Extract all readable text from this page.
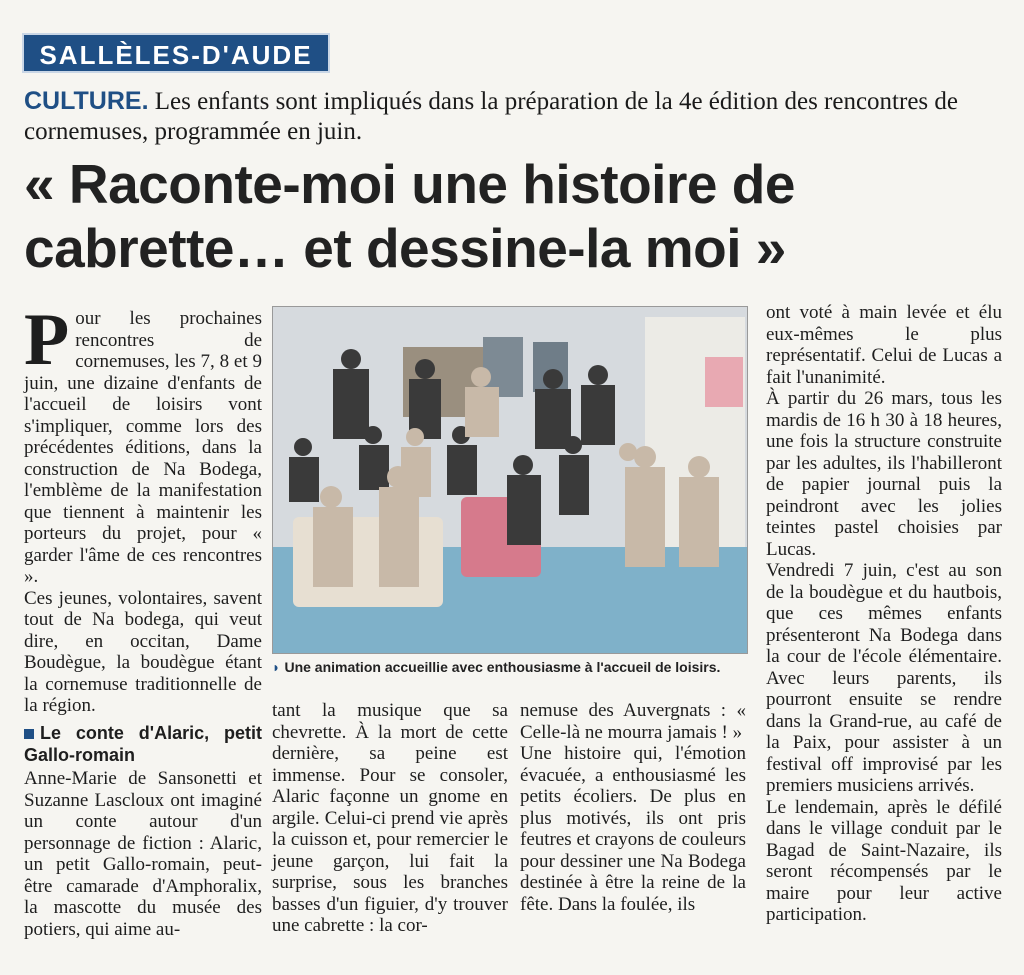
SALLÈLES-D'AUDE
CULTURE. Les enfants sont impliqués dans la préparation de la 4e édition des rencontres de cornemuses, programmée en juin.
« Raconte-moi une histoire de cabrette… et dessine-la moi »
P our les prochaines rencontres de cornemuses, les 7, 8 et 9 juin, une dizaine d'enfants de l'accueil de loisirs vont s'impliquer, comme lors des précédentes éditions, dans la construction de Na Bodega, l'emblème de la manifestation que tiennent à maintenir les porteurs du projet, pour « garder l'âme de ces rencontres ».

Ces jeunes, volontaires, savent tout de Na bodega, qui veut dire, en occitan, Dame Boudègue, la boudègue étant la cornemuse traditionnelle de la région.

Le conte d'Alaric, petit Gallo-romain

Anne-Marie de Sansonetti et Suzanne Lascloux ont imaginé un conte autour d'un personnage de fiction : Alaric, un petit Gallo-romain, peut-être camarade d'Amphoralix, la mascotte du musée des potiers, qui aime au-

◗ Une animation accueillie avec enthousiasme à l'accueil de loisirs.

tant la musique que sa chevrette. À la mort de cette dernière, sa peine est immense. Pour se consoler, Alaric façonne un gnome en argile. Celui-ci prend vie après la cuisson et, pour remercier le jeune garçon, lui fait la surprise, sous les branches basses d'un figuier, d'y trouver une cabrette : la cor-

nemuse des Auvergnats : « Celle-là ne mourra jamais ! »

Une histoire qui, l'émotion évacuée, a enthousiasmé les petits écoliers. De plus en plus motivés, ils ont pris feutres et crayons de couleurs pour dessiner une Na Bodega destinée à être la reine de la fête. Dans la foulée, ils

ont voté à main levée et élu eux-mêmes le plus représentatif. Celui de Lucas a fait l'unanimité.

À partir du 26 mars, tous les mardis de 16 h 30 à 18 heures, une fois la structure construite par les adultes, ils l'habilleront de papier journal puis la peindront avec les jolies teintes pastel choisies par Lucas.

Vendredi 7 juin, c'est au son de la boudègue et du hautbois, que ces mêmes enfants présenteront Na Bodega dans la cour de l'école élémentaire. Avec leurs parents, ils pourront ensuite se rendre dans la Grand-rue, au café de la Paix, pour assister à un festival off improvisé par les premiers musiciens arrivés.

Le lendemain, après le défilé dans le village conduit par le Bagad de Saint-Nazaire, ils seront récompensés par le maire pour leur active participation.
